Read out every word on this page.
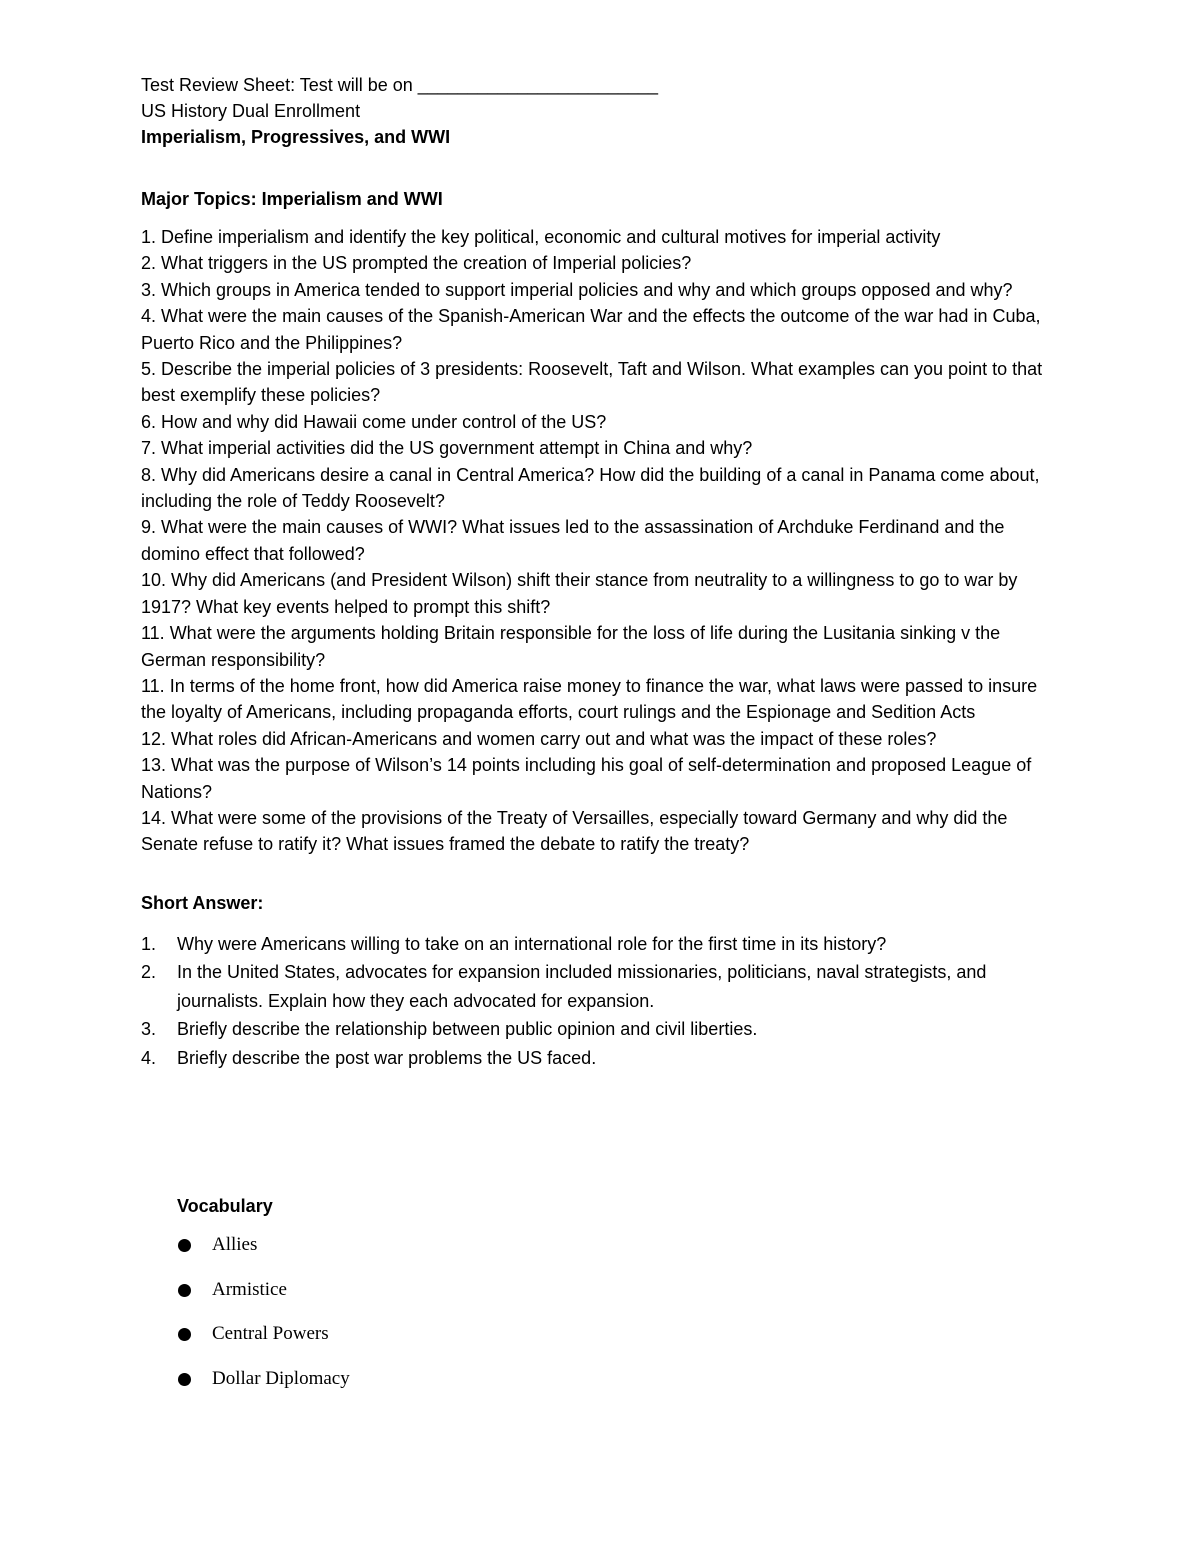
Test Review Sheet: Test will be on ________________________

US History Dual Enrollment

Imperialism, Progressives, and WWI

Major Topics: Imperialism and WWI

1. Define imperialism and identify the key political, economic and cultural motives for imperial activity
2. What triggers in the US prompted the creation of Imperial policies?
3. Which groups in America tended to support imperial policies and why and which groups opposed and why?
4. What were the main causes of the Spanish-American War and the effects the outcome of the war had in Cuba, Puerto Rico and the Philippines?
5. Describe the imperial policies of 3 presidents: Roosevelt, Taft and Wilson. What examples can you point to that best exemplify these policies?
6. How and why did Hawaii come under control of the US?
7. What imperial activities did the US government attempt in China and why?
8. Why did Americans desire a canal in Central America? How did the building of a canal in Panama come about, including the role of Teddy Roosevelt?
9. What were the main causes of WWI? What issues led to the assassination of Archduke Ferdinand and the domino effect that followed?
10. Why did Americans (and President Wilson) shift their stance from neutrality to a willingness to go to war by 1917? What key events helped to prompt this shift?
11. What were the arguments holding Britain responsible for the loss of life during the Lusitania sinking v the German responsibility?
11. In terms of the home front, how did America raise money to finance the war, what laws were passed to insure the loyalty of Americans, including propaganda efforts, court rulings and the Espionage and Sedition Acts
12. What roles did African-Americans and women carry out and what was the impact of these roles?
13. What was the purpose of Wilson’s 14 points including his goal of self-determination and proposed League of Nations?
14. What were some of the provisions of the Treaty of Versailles, especially toward Germany and why did the Senate refuse to ratify it? What issues framed the debate to ratify the treaty?

Short Answer:

1. Why were Americans willing to take on an international role for the first time in its history?
2. In the United States, advocates for expansion included missionaries, politicians, naval strategists, and journalists. Explain how they each advocated for expansion.
3. Briefly describe the relationship between public opinion and civil liberties.
4. Briefly describe the post war problems the US faced.
Vocabulary
Allies
Armistice
Central Powers
Dollar Diplomacy
